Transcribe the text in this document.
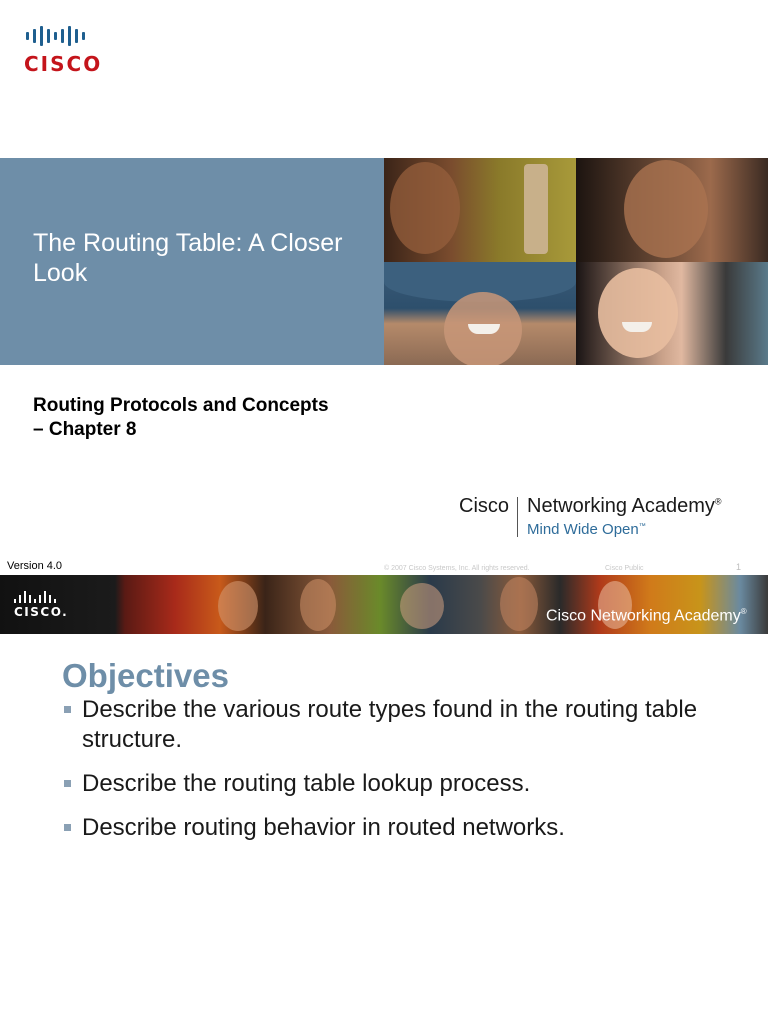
CISCO
The Routing Table: A Closer Look
Routing Protocols and Concepts – Chapter 8
Cisco Networking Academy®
Mind Wide Open™
Version 4.0	© 2007 Cisco Systems, Inc. All rights reserved.	Cisco Public	1
CISCO.	Cisco Networking Academy®
Objectives
Describe the various route types found in the routing table structure.
Describe the routing table lookup process.
Describe routing behavior in routed networks.
